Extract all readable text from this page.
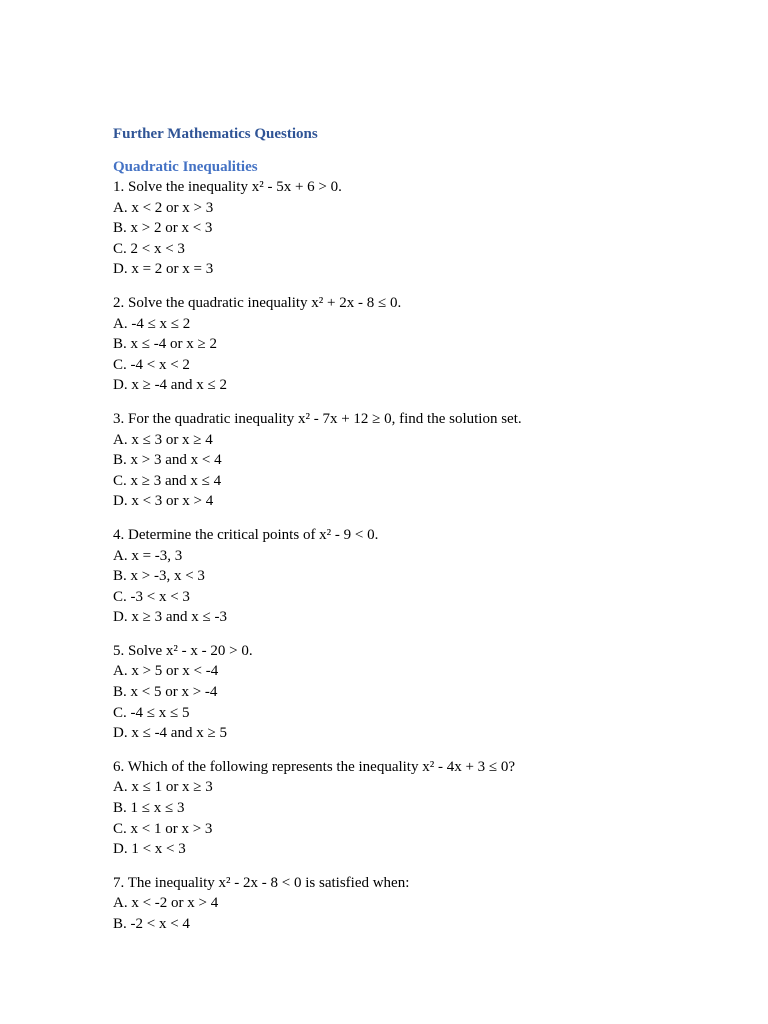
Further Mathematics Questions
Quadratic Inequalities

1. Solve the inequality x² - 5x + 6 > 0.

A. x < 2 or x > 3

B. x > 2 or x < 3

C. 2 < x < 3

D. x = 2 or x = 3

2. Solve the quadratic inequality x² + 2x - 8 ≤ 0.

A. -4 ≤ x ≤ 2

B. x ≤ -4 or x ≥ 2

C. -4 < x < 2

D. x ≥ -4 and x ≤ 2

3. For the quadratic inequality x² - 7x + 12 ≥ 0, find the solution set.

A. x ≤ 3 or x ≥ 4

B. x > 3 and x < 4

C. x ≥ 3 and x ≤ 4

D. x < 3 or x > 4

4. Determine the critical points of x² - 9 < 0.

A. x = -3, 3

B. x > -3, x < 3

C. -3 < x < 3

D. x ≥ 3 and x ≤ -3

5. Solve x² - x - 20 > 0.

A. x > 5 or x < -4

B. x < 5 or x > -4

C. -4 ≤ x ≤ 5

D. x ≤ -4 and x ≥ 5

6. Which of the following represents the inequality x² - 4x + 3 ≤ 0?

A. x ≤ 1 or x ≥ 3

B. 1 ≤ x ≤ 3

C. x < 1 or x > 3

D. 1 < x < 3

7. The inequality x² - 2x - 8 < 0 is satisfied when:

A. x < -2 or x > 4

B. -2 < x < 4
